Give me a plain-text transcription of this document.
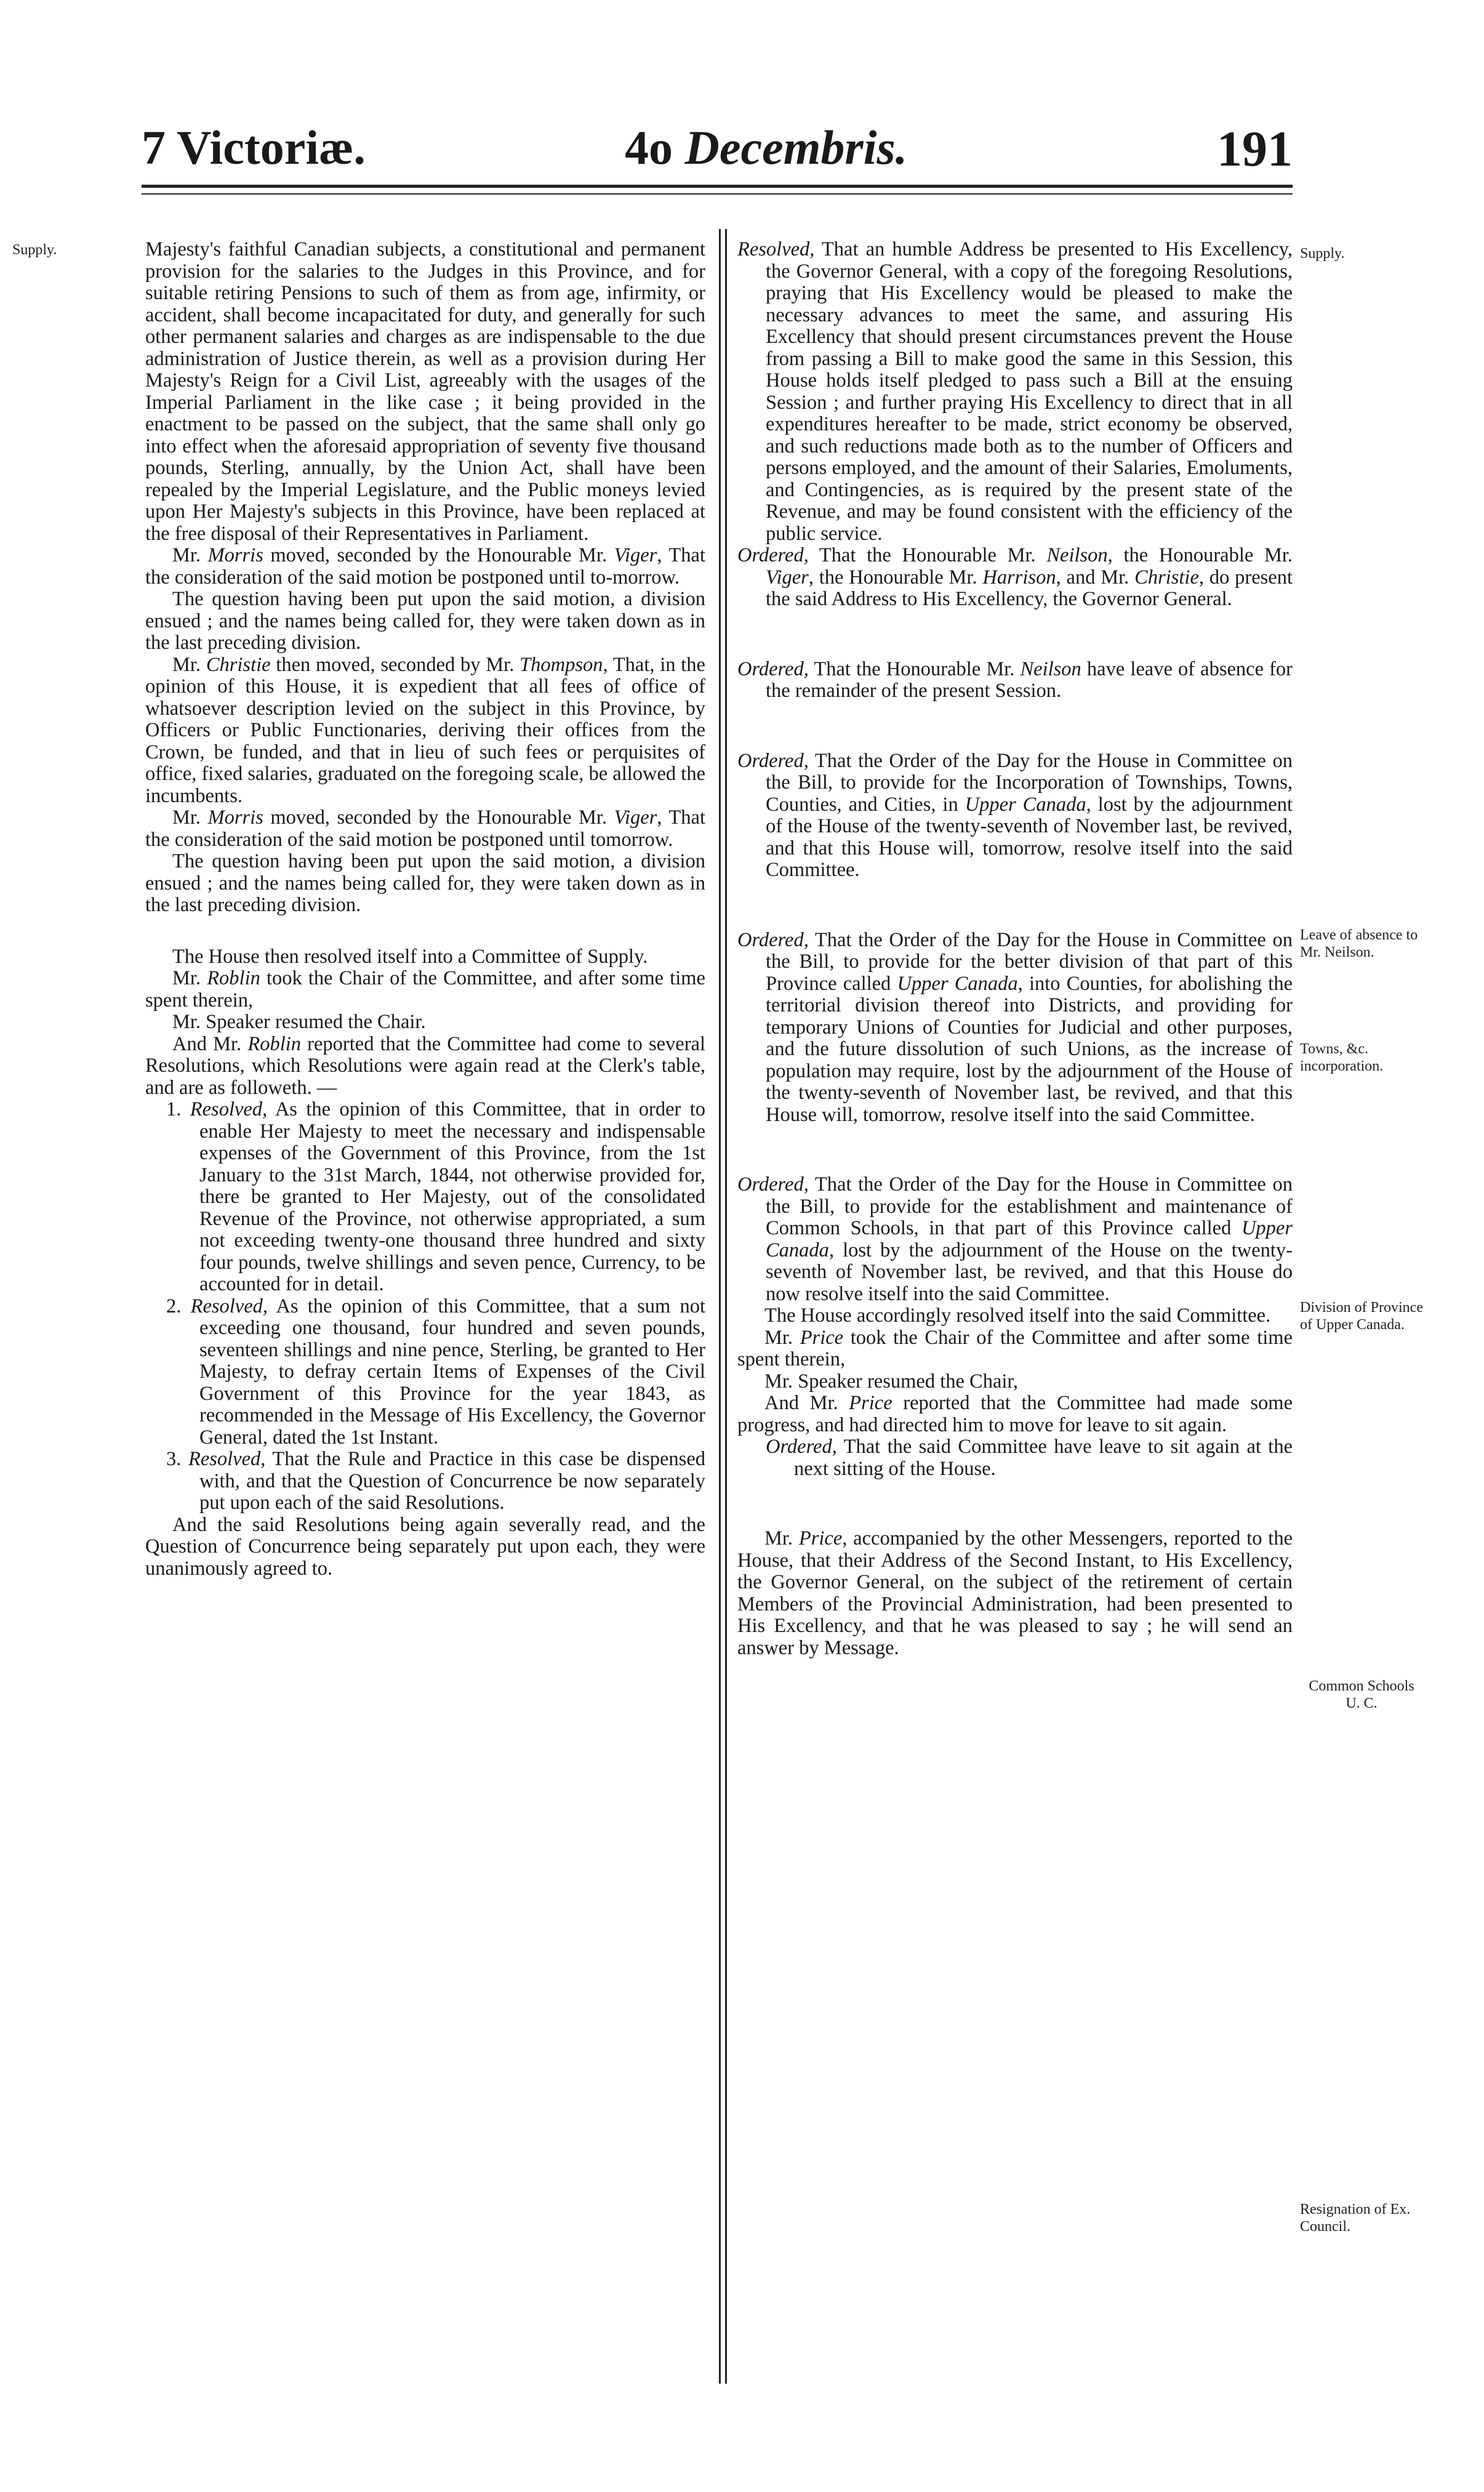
7 Victoriæ.	4o Decembris.	191
Supply.	Supply.
Leave of absence to Mr. Neilson.
Towns, &c. incorporation.
Division of Province of Upper Canada.
Common Schools U. C.
Resignation of Ex. Council.

Majesty's faithful Canadian subjects, a constitutional and permanent provision for the salaries to the Judges in this Province, and for suitable retiring Pensions to such of them as from age, infirmity, or accident, shall become incapacitated for duty, and generally for such other permanent salaries and charges as are indispensable to the due administration of Justice therein, as well as a provision during Her Majesty's Reign for a Civil List, agreeably with the usages of the Imperial Parliament in the like case ; it being provided in the enactment to be passed on the subject, that the same shall only go into effect when the aforesaid appropriation of seventy five thousand pounds, Sterling, annually, by the Union Act, shall have been repealed by the Imperial Legislature, and the Public moneys levied upon Her Majesty's subjects in this Province, have been replaced at the free disposal of their Representatives in Parliament.

Mr. Morris moved, seconded by the Honourable Mr. Viger, That the consideration of the said motion be postponed until to-morrow.

The question having been put upon the said motion, a division ensued ; and the names being called for, they were taken down as in the last preceding division.

Mr. Christie then moved, seconded by Mr. Thompson, That, in the opinion of this House, it is expedient that all fees of office of whatsoever description levied on the subject in this Province, by Officers or Public Functionaries, deriving their offices from the Crown, be funded, and that in lieu of such fees or perquisites of office, fixed salaries, graduated on the foregoing scale, be allowed the incumbents.

Mr. Morris moved, seconded by the Honourable Mr. Viger, That the consideration of the said motion be postponed until tomorrow.

The question having been put upon the said motion, a division ensued ; and the names being called for, they were taken down as in the last preceding division.

The House then resolved itself into a Committee of Supply.

Mr. Roblin took the Chair of the Committee, and after some time spent therein,

Mr. Speaker resumed the Chair.

And Mr. Roblin reported that the Committee had come to several Resolutions, which Resolutions were again read at the Clerk's table, and are as followeth. —

1. Resolved, As the opinion of this Committee, that in order to enable Her Majesty to meet the necessary and indispensable expenses of the Government of this Province, from the 1st January to the 31st March, 1844, not otherwise provided for, there be granted to Her Majesty, out of the consolidated Revenue of the Province, not otherwise appropriated, a sum not exceeding twenty-one thousand three hundred and sixty four pounds, twelve shillings and seven pence, Currency, to be accounted for in detail.

2. Resolved, As the opinion of this Committee, that a sum not exceeding one thousand, four hundred and seven pounds, seventeen shillings and nine pence, Sterling, be granted to Her Majesty, to defray certain Items of Expenses of the Civil Government of this Province for the year 1843, as recommended in the Message of His Excellency, the Governor General, dated the 1st Instant.

3. Resolved, That the Rule and Practice in this case be dispensed with, and that the Question of Concurrence be now separately put upon each of the said Resolutions.

And the said Resolutions being again severally read, and the Question of Concurrence being separately put upon each, they were unanimously agreed to.

Resolved, That an humble Address be presented to His Excellency, the Governor General, with a copy of the foregoing Resolutions, praying that His Excellency would be pleased to make the necessary advances to meet the same, and assuring His Excellency that should present circumstances prevent the House from passing a Bill to make good the same in this Session, this House holds itself pledged to pass such a Bill at the ensuing Session ; and further praying His Excellency to direct that in all expenditures hereafter to be made, strict economy be observed, and such reductions made both as to the number of Officers and persons employed, and the amount of their Salaries, Emoluments, and Contingencies, as is required by the present state of the Revenue, and may be found consistent with the efficiency of the public service.

Ordered, That the Honourable Mr. Neilson, the Honourable Mr. Viger, the Honourable Mr. Harrison, and Mr. Christie, do present the said Address to His Excellency, the Governor General.

Ordered, That the Honourable Mr. Neilson have leave of absence for the remainder of the present Session.

Ordered, That the Order of the Day for the House in Committee on the Bill, to provide for the Incorporation of Townships, Towns, Counties, and Cities, in Upper Canada, lost by the adjournment of the House of the twenty-seventh of November last, be revived, and that this House will, tomorrow, resolve itself into the said Committee.

Ordered, That the Order of the Day for the House in Committee on the Bill, to provide for the better division of that part of this Province called Upper Canada, into Counties, for abolishing the territorial division thereof into Districts, and providing for temporary Unions of Counties for Judicial and other purposes, and the future dissolution of such Unions, as the increase of population may require, lost by the adjournment of the House of the twenty-seventh of November last, be revived, and that this House will, tomorrow, resolve itself into the said Committee.

Ordered, That the Order of the Day for the House in Committee on the Bill, to provide for the establishment and maintenance of Common Schools, in that part of this Province called Upper Canada, lost by the adjournment of the House on the twenty-seventh of November last, be revived, and that this House do now resolve itself into the said Committee.

The House accordingly resolved itself into the said Committee.

Mr. Price took the Chair of the Committee and after some time spent therein,

Mr. Speaker resumed the Chair,

And Mr. Price reported that the Committee had made some progress, and had directed him to move for leave to sit again.

Ordered, That the said Committee have leave to sit again at the next sitting of the House.

Mr. Price, accompanied by the other Messengers, reported to the House, that their Address of the Second Instant, to His Excellency, the Governor General, on the subject of the retirement of certain Members of the Provincial Administration, had been presented to His Excellency, and that he was pleased to say ; he will send an answer by Message.
